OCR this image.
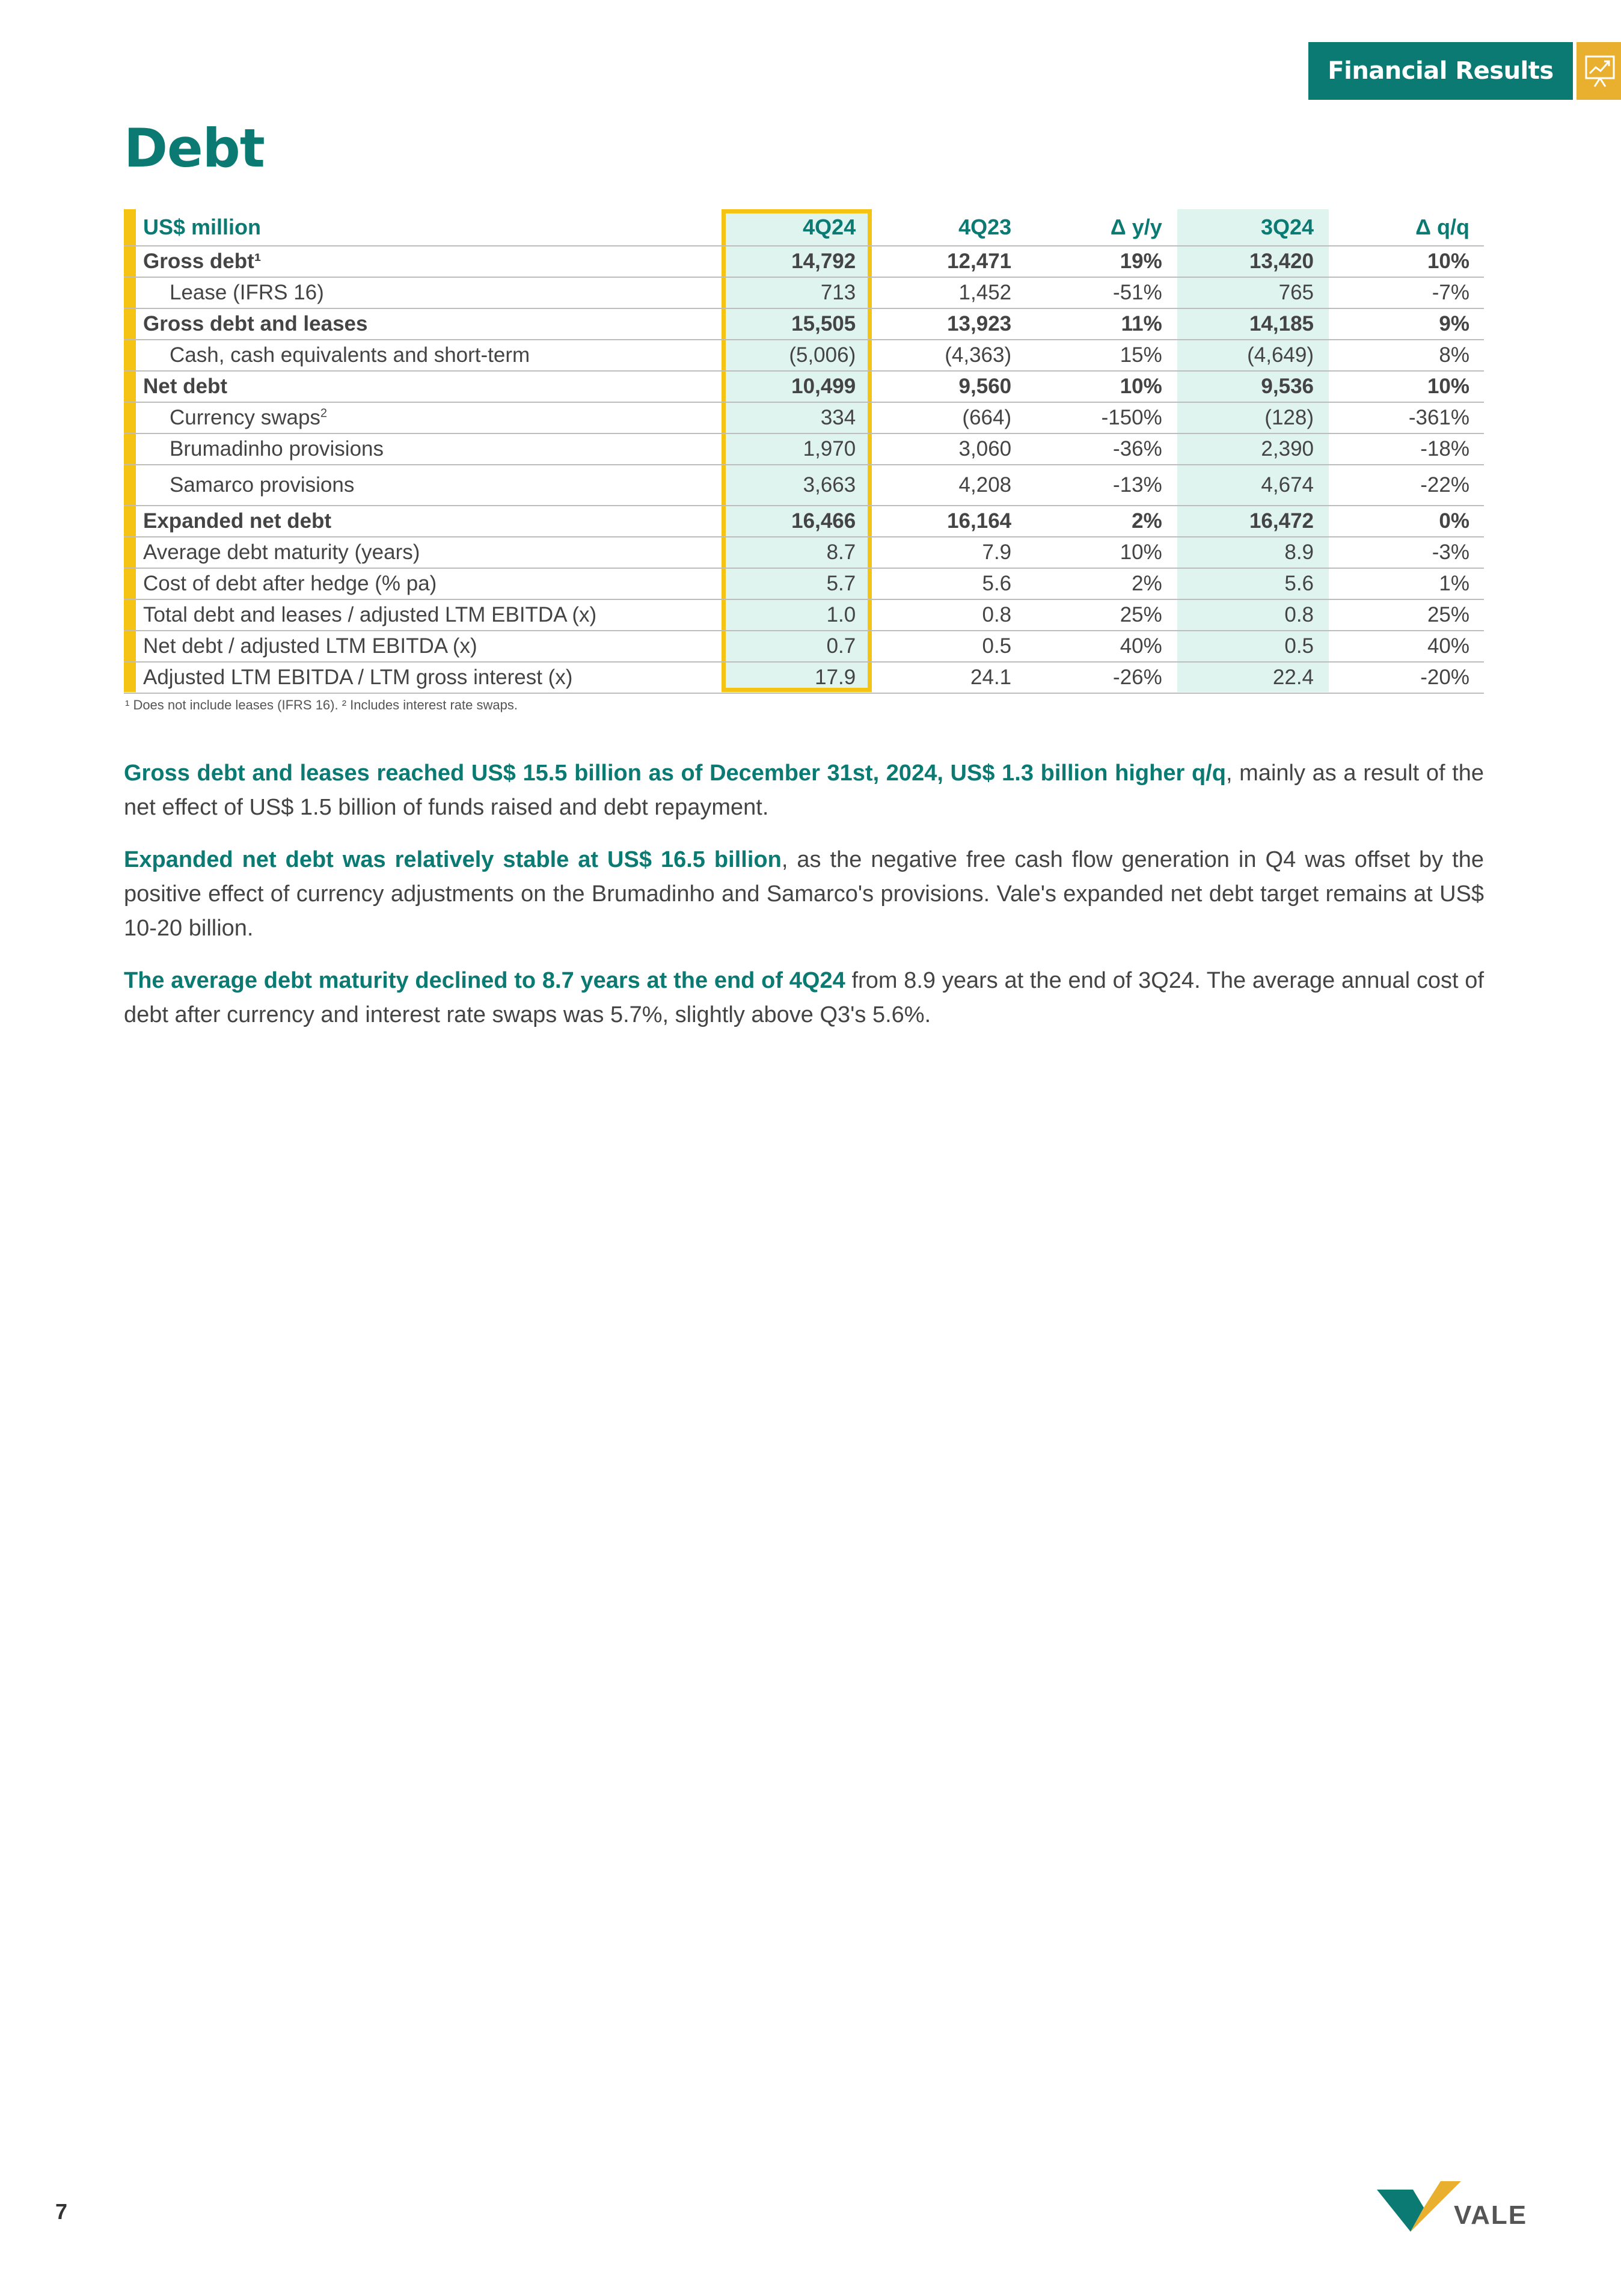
Financial Results
Debt
US$ million	4Q24	4Q23	Δ y/y	3Q24	Δ q/q
Gross debt¹	14,792	12,471	19%	13,420	10%
Lease (IFRS 16)	713	1,452	-51%	765	-7%
Gross debt and leases	15,505	13,923	11%	14,185	9%
Cash, cash equivalents and short-term	(5,006)	(4,363)	15%	(4,649)	8%
Net debt	10,499	9,560	10%	9,536	10%
Currency swaps$^2$	334	(664)	-150%	(128)	-361%
Brumadinho provisions	1,970	3,060	-36%	2,390	-18%
Samarco provisions	3,663	4,208	-13%	4,674	-22%
Expanded net debt	16,466	16,164	2%	16,472	0%
Average debt maturity (years)	8.7	7.9	10%	8.9	-3%
Cost of debt after hedge (% pa)	5.7	5.6	2%	5.6	1%
Total debt and leases / adjusted LTM EBITDA (x)	1.0	0.8	25%	0.8	25%
Net debt / adjusted LTM EBITDA (x)	0.7	0.5	40%	0.5	40%
Adjusted LTM EBITDA / LTM gross interest (x)	17.9	24.1	-26%	22.4	-20%
¹ Does not include leases (IFRS 16). ² Includes interest rate swaps.

Gross debt and leases reached US$ 15.5 billion as of December 31st, 2024, US$ 1.3 billion higher q/q, mainly as a result of the net effect of US$ 1.5 billion of funds raised and debt repayment.

Expanded net debt was relatively stable at US$ 16.5 billion, as the negative free cash flow generation in Q4 was offset by the positive effect of currency adjustments on the Brumadinho and Samarco's provisions. Vale's expanded net debt target remains at US$ 10-20 billion.

The average debt maturity declined to 8.7 years at the end of 4Q24 from 8.9 years at the end of 3Q24. The average annual cost of debt after currency and interest rate swaps was 5.7%, slightly above Q3's 5.6%.

7	VALE
